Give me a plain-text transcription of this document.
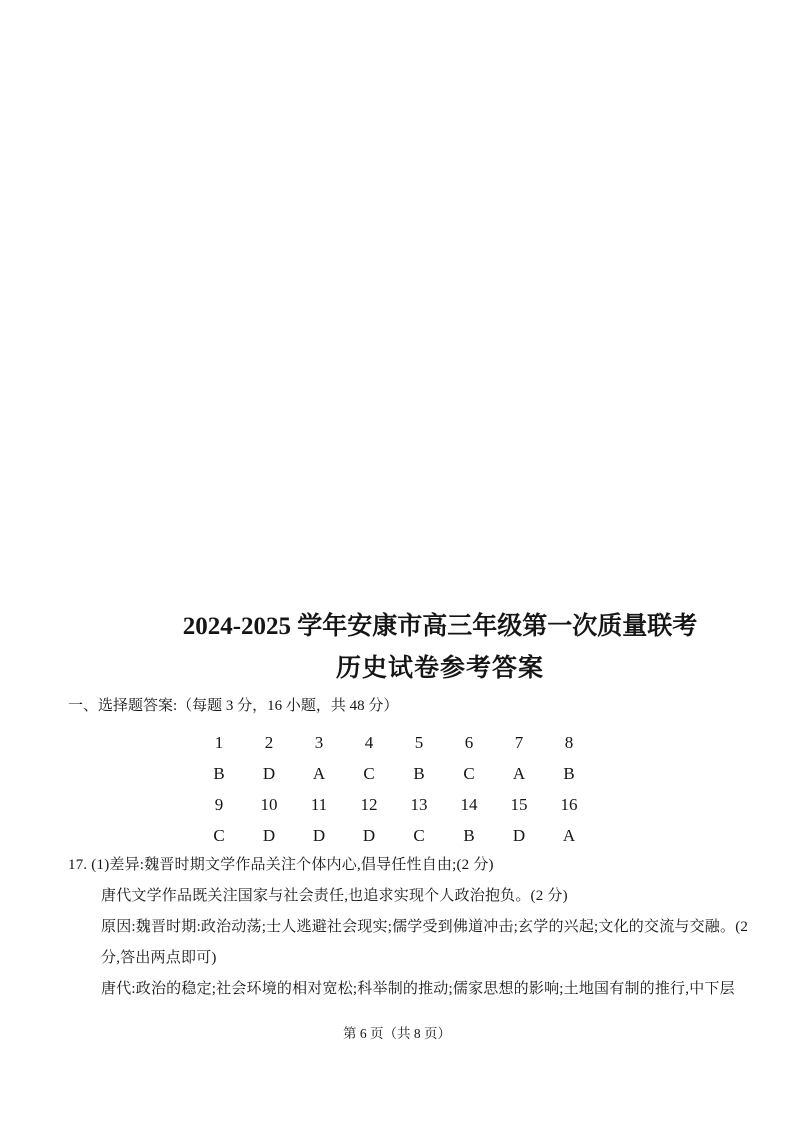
2024-2025 学年安康市高三年级第一次质量联考
历史试卷参考答案
一、选择题答案:（每题 3 分，16 小题，共 48 分）
1	2	3	4	5	6	7	8
B	D	A	C	B	C	A	B
9	10	11	12	13	14	15	16
C	D	D	D	C	B	D	A
17. (1)差异:魏晋时期文学作品关注个体内心,倡导任性自由;(2 分)
唐代文学作品既关注国家与社会责任,也追求实现个人政治抱负。(2 分)
原因:魏晋时期:政治动荡;士人逃避社会现实;儒学受到佛道冲击;玄学的兴起;文化的交流与交融。(2
分,答出两点即可)
唐代:政治的稳定;社会环境的相对宽松;科举制的推动;儒家思想的影响;土地国有制的推行,中下层
第 6 页（共 8 页）
